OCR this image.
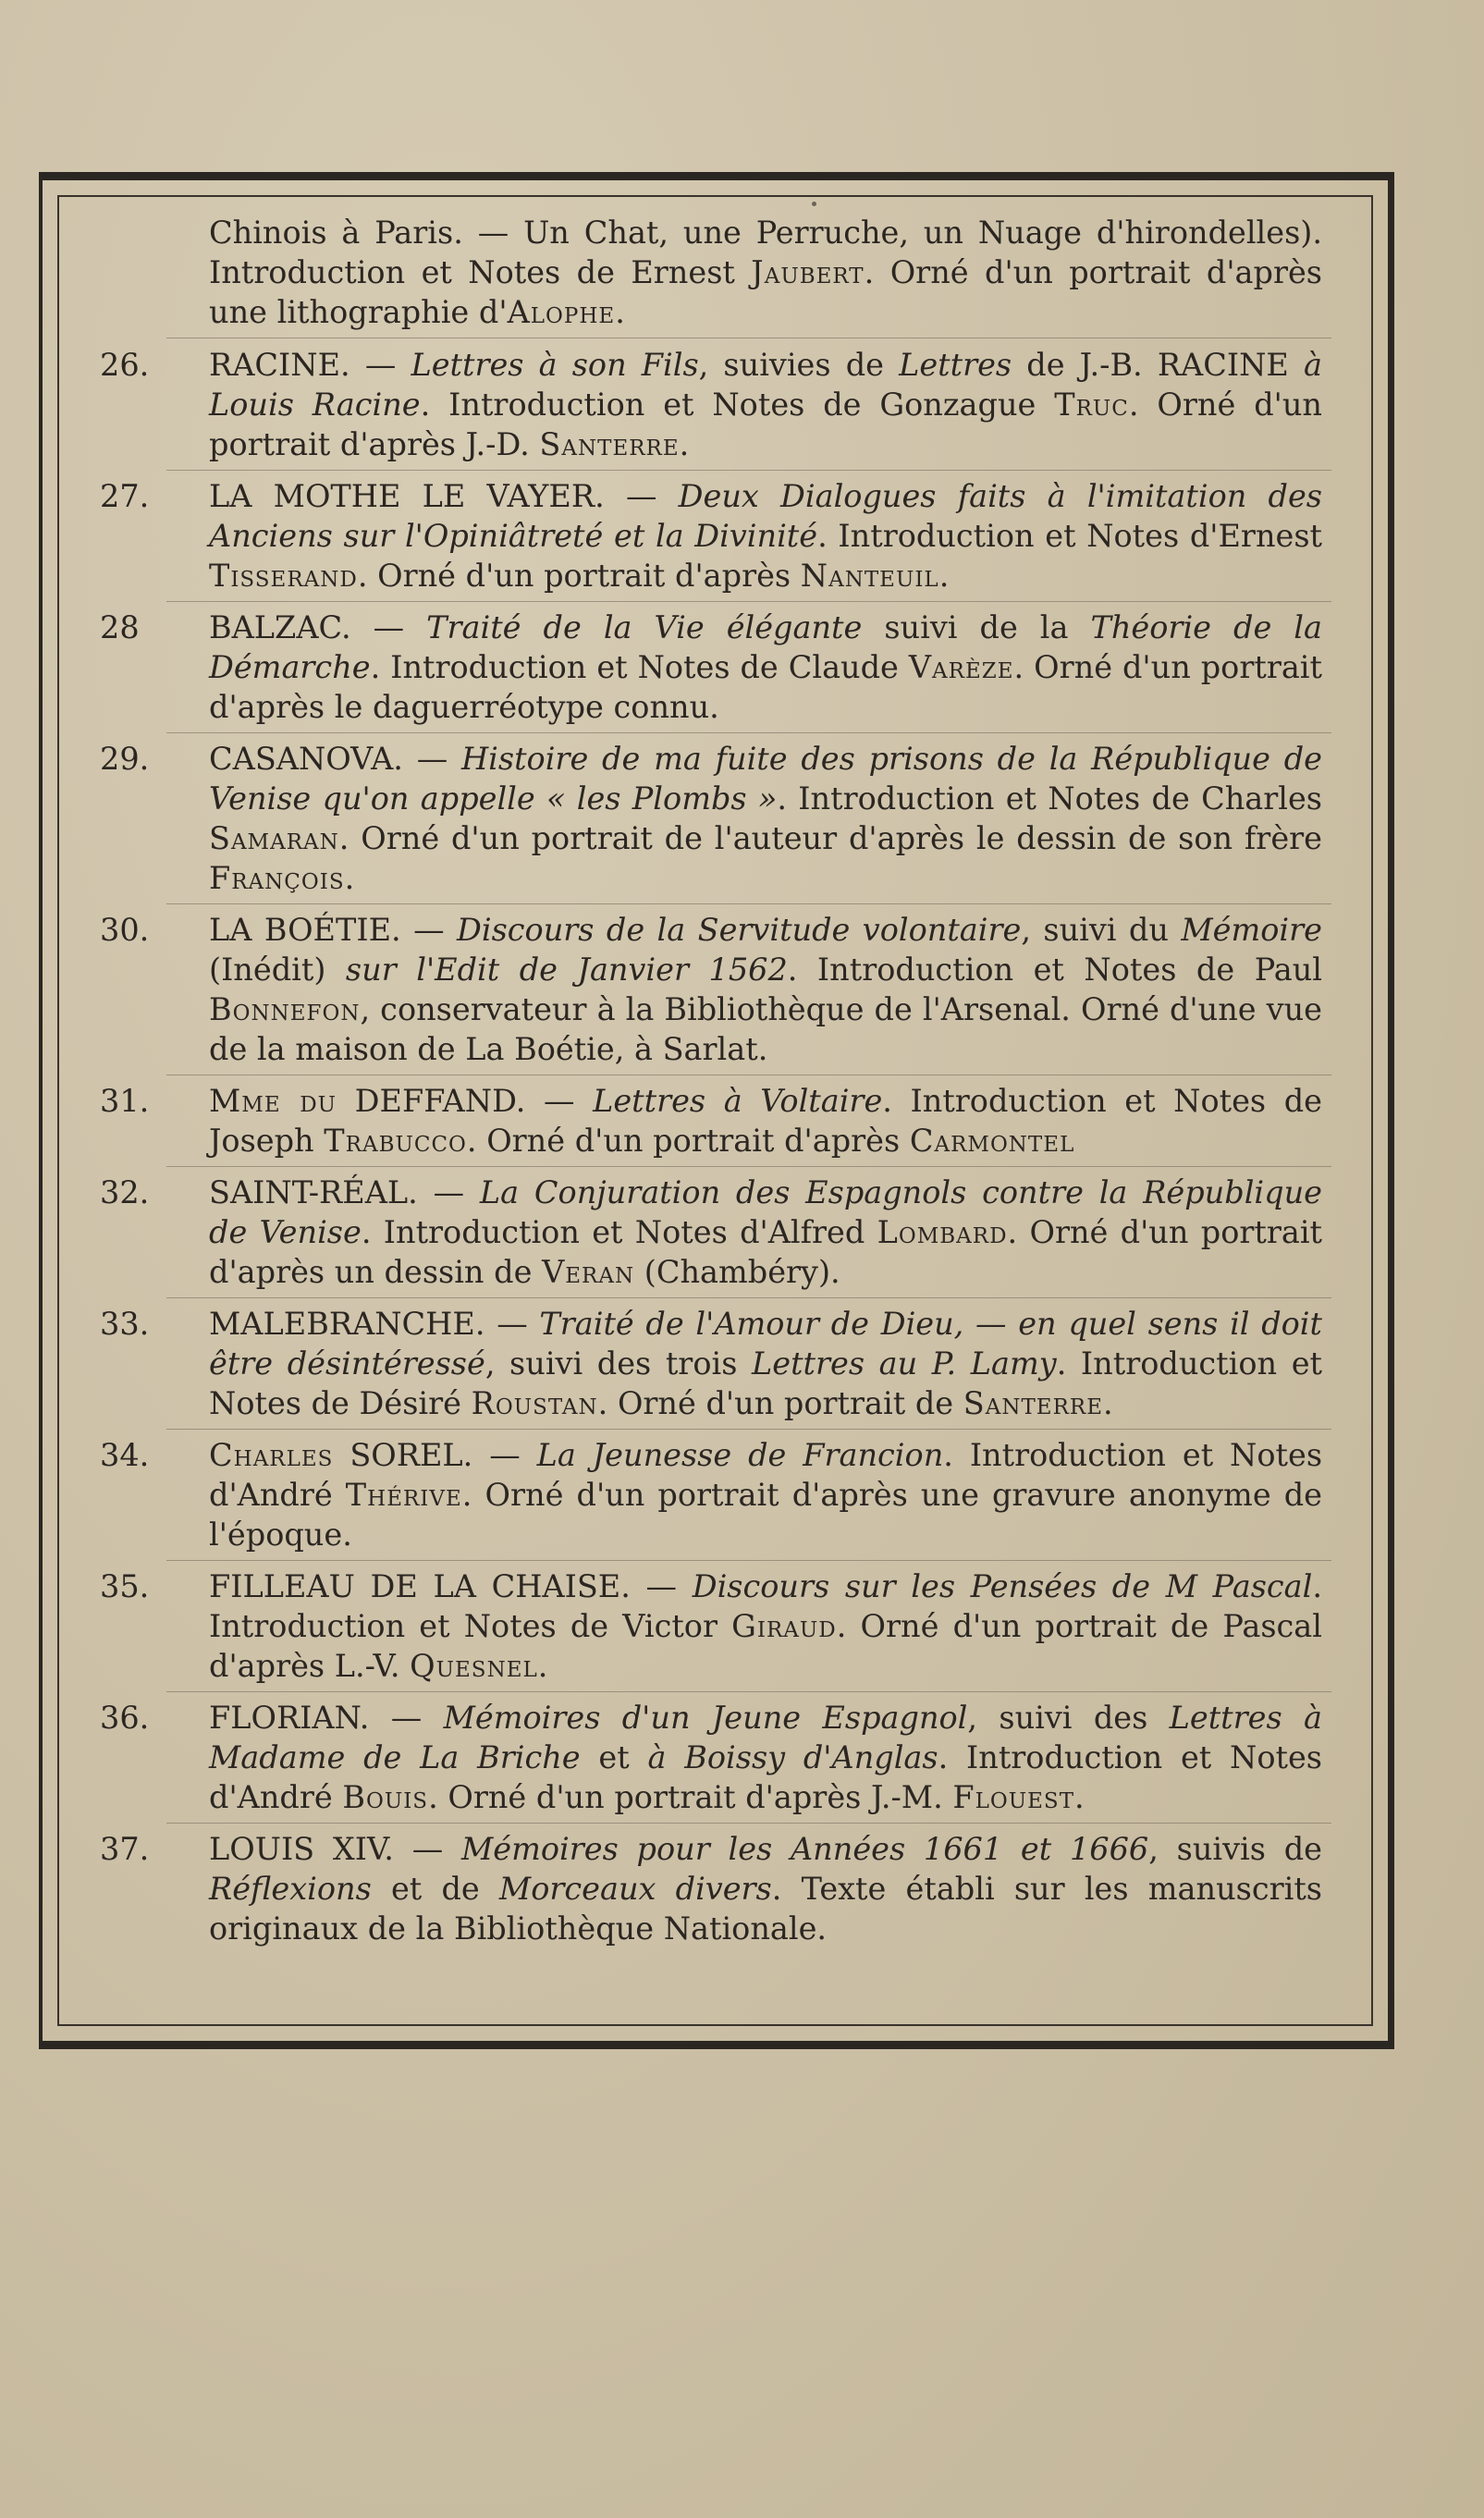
Chinois à Paris. — Un Chat, une Perruche, un Nuage d'hirondelles). Introduction et Notes de Ernest Jaubert. Orné d'un portrait d'après une lithographie d'Alophe.
26. RACINE. — Lettres à son Fils, suivies de Lettres de J.-B. RACINE à Louis Racine. Introduction et Notes de Gonzague Truc. Orné d'un portrait d'après J.-D. Santerre.
27. LA MOTHE LE VAYER. — Deux Dialogues faits à l'imitation des Anciens sur l'Opiniâtreté et la Divinité. Introduction et Notes d'Ernest Tisserand. Orné d'un portrait d'après Nanteuil.
28 BALZAC. — Traité de la Vie élégante suivi de la Théorie de la Démarche. Introduction et Notes de Claude Varèze. Orné d'un portrait d'après le daguerréotype connu.
29. CASANOVA. — Histoire de ma fuite des prisons de la République de Venise qu'on appelle « les Plombs ». Introduction et Notes de Charles Samaran. Orné d'un portrait de l'auteur d'après le dessin de son frère François.
30. LA BOÉTIE. — Discours de la Servitude volontaire, suivi du Mémoire (Inédit) sur l'Edit de Janvier 1562. Introduction et Notes de Paul Bonnefon, conservateur à la Bibliothèque de l'Arsenal. Orné d'une vue de la maison de La Boétie, à Sarlat.
31. Mme du DEFFAND. — Lettres à Voltaire. Introduction et Notes de Joseph Trabucco. Orné d'un portrait d'après Carmontel
32. SAINT-RÉAL. — La Conjuration des Espagnols contre la République de Venise. Introduction et Notes d'Alfred Lombard. Orné d'un portrait d'après un dessin de Veran (Chambéry).
33. MALEBRANCHE. — Traité de l'Amour de Dieu, — en quel sens il doit être désintéressé, suivi des trois Lettres au P. Lamy. Introduction et Notes de Désiré Roustan. Orné d'un portrait de Santerre.
34. Charles SOREL. — La Jeunesse de Francion. Introduction et Notes d'André Thérive. Orné d'un portrait d'après une gravure anonyme de l'époque.
35. FILLEAU DE LA CHAISE. — Discours sur les Pensées de M Pascal. Introduction et Notes de Victor Giraud. Orné d'un portrait de Pascal d'après L.-V. Quesnel.
36. FLORIAN. — Mémoires d'un Jeune Espagnol, suivi des Lettres à Madame de La Briche et à Boissy d'Anglas. Introduction et Notes d'André Bouis. Orné d'un portrait d'après J.-M. Flouest.
37. LOUIS XIV. — Mémoires pour les Années 1661 et 1666, suivis de Réflexions et de Morceaux divers. Texte établi sur les manuscrits originaux de la Bibliothèque Nationale.
